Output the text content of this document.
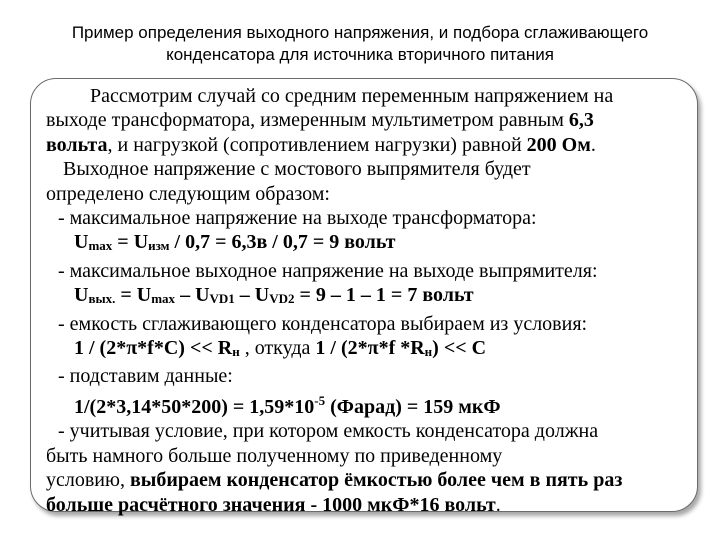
Пример определения выходного напряжения, и подбора сглаживающего
конденсатора для источника вторичного питания
Рассмотрим случай со средним переменным напряжением на
выходе трансформатора, измеренным мультиметром равным 6,3
вольта, и нагрузкой (сопротивлением нагрузки) равной 200 Ом.
Выходное напряжение с мостового выпрямителя будет
определено следующим образом:
- максимальное напряжение на выходе трансформатора:
Umax = Uизм / 0,7 = 6,3в / 0,7 = 9 вольт
- максимальное выходное напряжение на выходе выпрямителя:
Uвых. = Umax – UVD1 – UVD2 = 9 – 1 – 1 = 7 вольт
- емкость сглаживающего конденсатора выбираем из условия:
1 / (2*π*f*C) << Rн , откуда 1 / (2*π*f *Rн) << C
- подставим данные:
$1/(2*3,14*50*200) = 1,59*10^{-5}$ (Фарад) = 159 мкФ
- учитывая условие, при котором емкость конденсатора должна
быть намного больше полученному по приведенному
условию, выбираем конденсатор ёмкостью более чем в пять раз
больше расчётного значения - 1000 мкФ*16 вольт.
